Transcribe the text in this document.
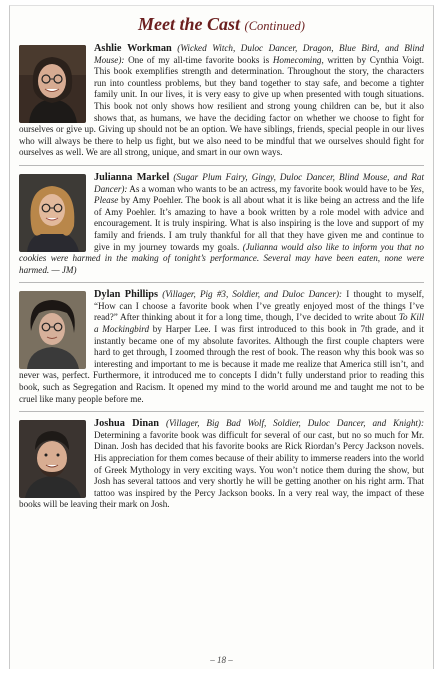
Meet the Cast (Continued)
Ashlie Workman (Wicked Witch, Duloc Dancer, Dragon, Blue Bird, and Blind Mouse): One of my all-time favorite books is Homecoming, written by Cynthia Voigt. This book exemplifies strength and determination. Throughout the story, the characters run into countless problems, but they band together to stay safe, and become a tighter family unit. In our lives, it is very easy to give up when presented with tough situations. This book not only shows how resilient and strong young children can be, but it also shows that, as humans, we have the deciding factor on whether we choose to fight for ourselves or give up. Giving up should not be an option. We have siblings, friends, special people in our lives who will always be there to help us fight, but we also need to be mindful that we ourselves should fight for ourselves as well. We are all strong, unique, and smart in our own ways.
Julianna Markel (Sugar Plum Fairy, Gingy, Duloc Dancer, Blind Mouse, and Rat Dancer): As a woman who wants to be an actress, my favorite book would have to be Yes, Please by Amy Poehler. The book is all about what it is like being an actress and the life of Amy Poehler. It’s amazing to have a book written by a role model with advice and encouragement. It is truly inspiring. What is also inspiring is the love and support of my family and friends. I am truly thankful for all that they have given me and continue to give in my journey towards my goals. (Julianna would also like to inform you that no cookies were harmed in the making of tonight’s performance. Several may have been eaten, none were harmed. — JM)
Dylan Phillips (Villager, Pig #3, Soldier, and Duloc Dancer): I thought to myself, “How can I choose a favorite book when I’ve greatly enjoyed most of the things I’ve read?” After thinking about it for a long time, though, I’ve decided to write about To Kill a Mockingbird by Harper Lee. I was first introduced to this book in 7th grade, and it instantly became one of my absolute favorites. Although the first couple chapters were hard to get through, I zoomed through the rest of book. The reason why this book was so interesting and important to me is because it made me realize that America still isn’t, and never was, perfect. Furthermore, it introduced me to concepts I didn’t fully understand prior to reading this book, such as Segregation and Racism. It opened my mind to the world around me and taught me not to be cruel like many people before me.
Joshua Dinan (Villager, Big Bad Wolf, Soldier, Duloc Dancer, and Knight): Determining a favorite book was difficult for several of our cast, but no so much for Mr. Dinan. Josh has decided that his favorite books are Rick Riordan’s Percy Jackson novels. His appreciation for them comes because of their ability to immerse readers into the world of Greek Mythology in very exciting ways. You won’t notice them during the show, but Josh has several tattoos and very shortly he will be getting another on his right arm. That tattoo was inspired by the Percy Jackson books. In a very real way, the impact of these books will be leaving their mark on Josh.
– 18 –
